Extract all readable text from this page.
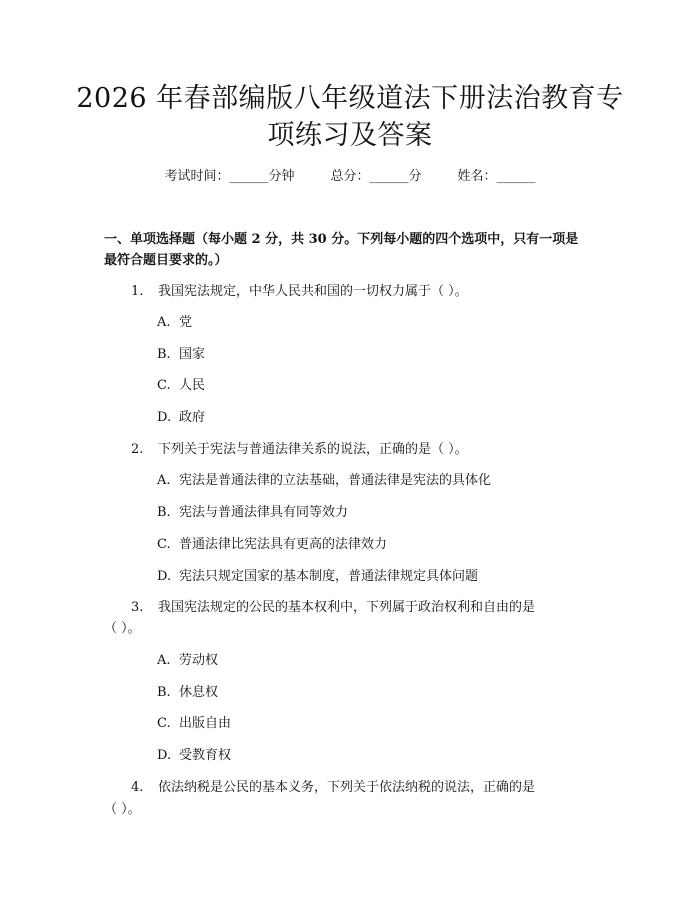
2026 年春部编版八年级道法下册法治教育专
项练习及答案
考试时间：______分钟	总分：______分	姓名：______
一、单项选择题（每小题 2 分，共 30 分。下列每小题的四个选项中，只有一项是
最符合题目要求的。）
1. 我国宪法规定，中华人民共和国的一切权力属于（ ）。
A. 党
B. 国家
C. 人民
D. 政府
2. 下列关于宪法与普通法律关系的说法，正确的是（ ）。
A. 宪法是普通法律的立法基础，普通法律是宪法的具体化
B. 宪法与普通法律具有同等效力
C. 普通法律比宪法具有更高的法律效力
D. 宪法只规定国家的基本制度，普通法律规定具体问题
3. 我国宪法规定的公民的基本权利中，下列属于政治权利和自由的是
（ ）。
A. 劳动权
B. 休息权
C. 出版自由
D. 受教育权
4. 依法纳税是公民的基本义务，下列关于依法纳税的说法，正确的是
（ ）。
